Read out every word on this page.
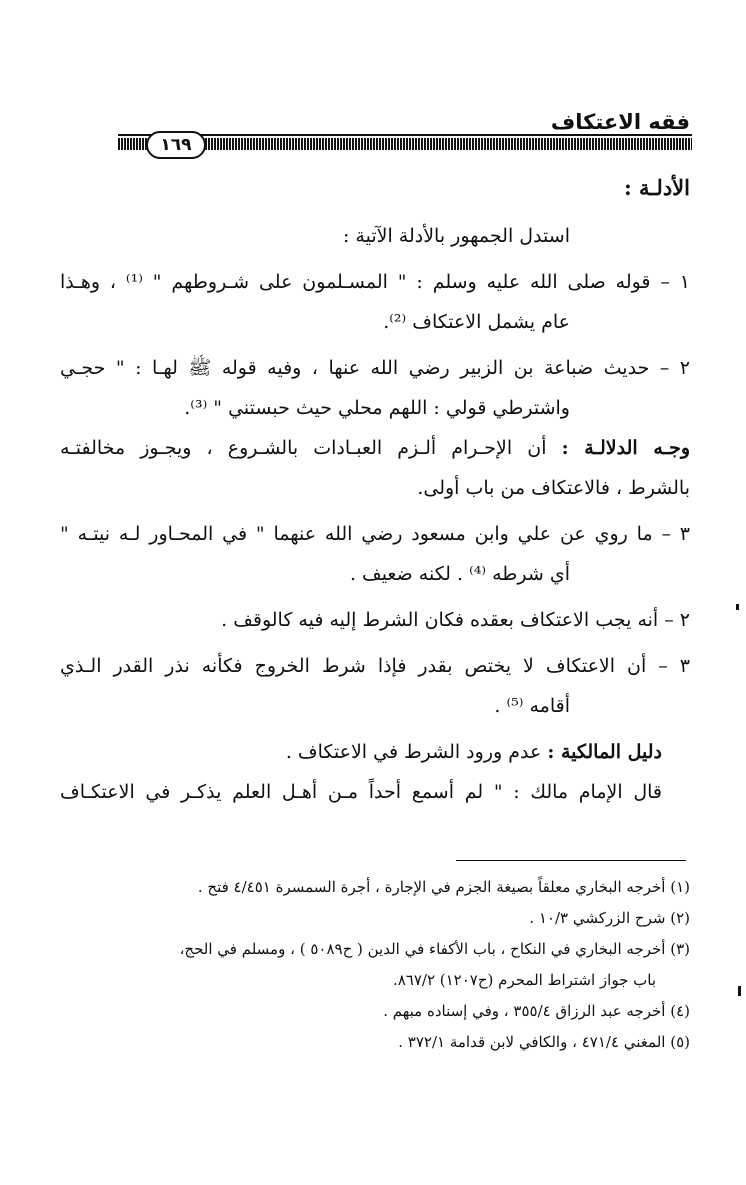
فقه الاعتكاف
١٦٩

الأدلـة :

استدل الجمهور بالأدلة الآتية :

١ – قوله صلى الله عليه وسلم : " المسـلمون على شـروطهم " ⁽¹⁾ ، وهـذا

عام يشمل الاعتكاف ⁽²⁾.

٢ – حديث ضباعة بن الزبير رضي الله عنها ، وفيه قوله ﷺ لهـا : " حجـي

واشترطي قولي : اللهم محلي حيث حبستني " ⁽³⁾.

وجـه الدلالـة : أن الإحـرام ألـزم العبـادات بالشـروع ، ويجـوز مخالفتـه

بالشرط ، فالاعتكاف من باب أولى.

٣ – ما روي عن علي وابن مسعود رضي الله عنهما " في المحـاور لـه نيتـه "

أي شرطه ⁽⁴⁾ . لكنه ضعيف .

٢ – أنه يجب الاعتكاف بعقده فكان الشرط إليه فيه كالوقف .

٣ – أن الاعتكاف لا يختص بقدر فإذا شرط الخروج فكأنه نذر القدر الـذي

أقامه ⁽⁵⁾ .

دليل المالكية : عدم ورود الشرط في الاعتكاف .

قال الإمام مالك : " لم أسمع أحداً مـن أهـل العلم يذكـر في الاعتكـاف

(١) أخرجه البخاري معلقاً بصيغة الجزم في الإجارة ، أجرة السمسرة ٤/٤٥١ فتح .

(٢) شرح الزركشي ١٠/٣ .

(٣) أخرجه البخاري في النكاح ، باب الأكفاء في الدين ( ح٥٠٨٩ ) ، ومسلم في الحج،

باب جواز اشتراط المحرم (ح١٢٠٧) ٨٦٧/٢.

(٤) أخرجه عبد الرزاق ٣٥٥/٤ ، وفي إسناده مبهم .

(٥) المغني ٤٧١/٤ ، والكافي لابن قدامة ٣٧٢/١ .
